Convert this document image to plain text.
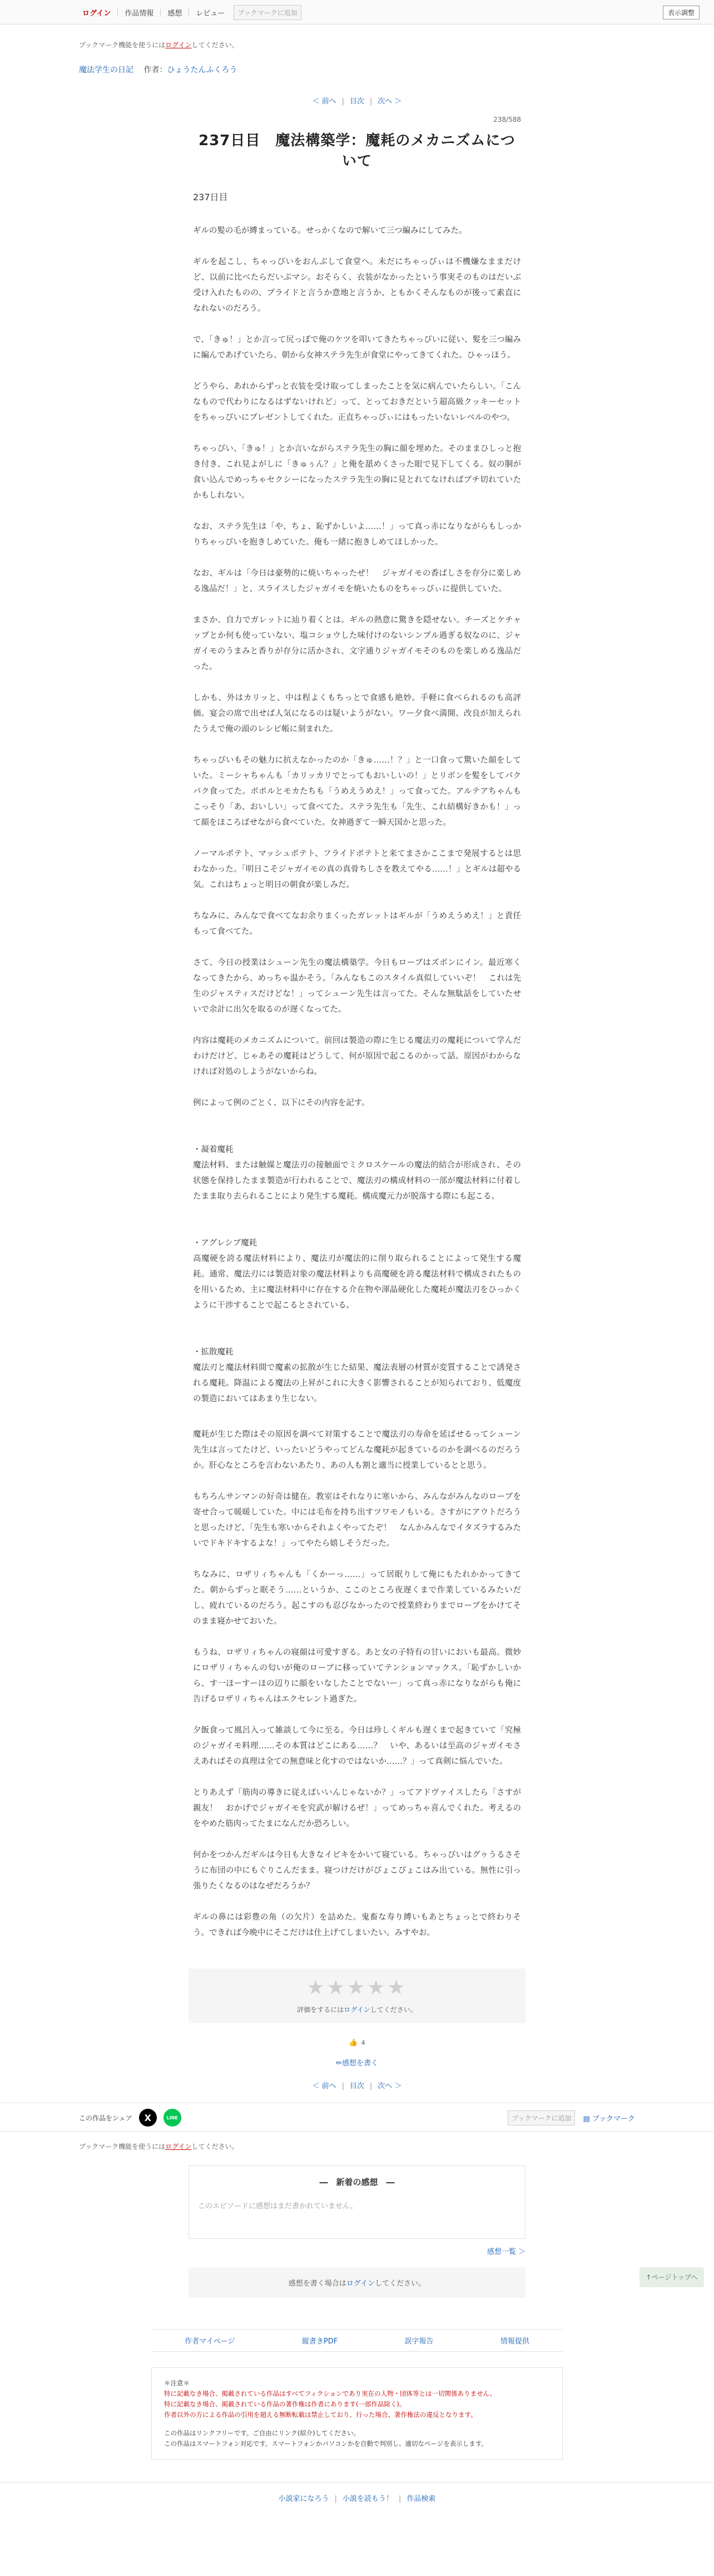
ログイン	作品情報	感想	レビュー	ブックマークに追加	表示調整

ブックマーク機能を使うにはログインしてください。

魔法学生の日記 作者：ひょうたんふくろう

＜ 前へ | 目次 | 次へ ＞
238/588
237日目　魔法構築学：魔耗のメカニズムについて

237日目

ギルの髪の毛が縛まっている。せっかくなので解いて三つ編みにしてみた。

ギルを起こし、ちゃっぴいをおんぶして食堂へ。未だにちゃっぴぃは不機嫌なままだけど、以前に比べたらだいぶマシ。おそらく、衣装がなかったという事実そのものはだいぶ受け入れたものの、プライドと言うか意地と言うか、ともかくそんなものが後って素直になれないのだろう。

で、「きゅ！」とか言って尻っぽで俺のケツを叩いてきたちゃっぴいに従い、髪を三つ編みに編んであげていたら、朝から女神ステラ先生が食堂にやってきてくれた。ひゃっほう。

どうやら、あれからずっと衣装を受け取ってしまったことを気に病んでいたらしい。「こんなもので代わりになるはずないけれど」って、とっておきだという超高級クッキーセットをちゃっぴいにプレゼントしてくれた。正直ちゃっぴぃにはもったいないレベルのやつ。

ちゃっぴい、「きゅ！」とか言いながらステラ先生の胸に顔を埋めた。そのままひしっと抱き付き、これ見よがしに「きゅぅん？」と俺を舐めくさった眼で見下してくる。奴の胴が食い込んでめっちゃセクシーになったステラ先生の胸に見とれてなければブチ切れていたかもしれない。

なお、ステラ先生は「や、ちょ、恥ずかしいよ……！」って真っ赤になりながらもしっかりちゃっぴいを抱きしめていた。俺も一緒に抱きしめてほしかった。

なお、ギルは「今日は豪勢的に焼いちゃったぜ！　ジャガイモの香ばしさを存分に楽しめる逸品だ！」と、スライスしたジャガイモを焼いたものをちゃっぴぃに提供していた。

まさか、自力でガレットに辿り着くとは。ギルの熱意に驚きを隠せない。チーズとケチャップとか何も使っていない、塩コショウした味付けのないシンプル過ぎる奴なのに、ジャガイモのうまみと香りが存分に活かされ、文字通りジャガイモそのものを楽しめる逸品だった。

しかも、外はカリッと、中は程よくもちっとで食感も絶妙。手軽に食べられるのも高評価。宴会の席で出せば人気になるのは疑いようがない。ワー夕食べ満開、改良が加えられたうえで俺の頭のレシピ帳に刻まれた。

ちゃっぴいもその魅力に抗えなかったのか「きゅ……！？」と一口食って驚いた顔をしていた。ミーシャちゃんも「カリッカリでとってもおいしいの！」とリボンを髪をしてパクパク食ってた。ポポルとモカたちも「うめえうめえ！」って食ってた。アルテアちゃんもこっそり「あ、おいしい」って食べてた。ステラ先生も「先生、これ結構好きかも！」って顔をほころばせながら食べていた。女神過ぎて一瞬天国かと思った。

ノーマルポテト、マッシュポテト、フライドポテトと来てまさかここまで発展するとは思わなかった。「明日こそジャガイモの真の真骨ちしさを教えてやる……！」とギルは超やる気。これはちょっと明日の朝食が楽しみだ。

ちなみに、みんなで食べてなお余りまくったガレットはギルが「うめえうめえ！」と責任もって食べてた。

さて、今日の授業はシューン先生の魔法構築学。今日もローブはズボンにイン。最近寒くなってきたから、めっちゃ温かそう。「みんなもこのスタイル真似していいぞ！　これは先生のジャスティスだけどな！」ってシューン先生は言ってた。そんな無駄話をしていたせいで余計に出欠を取るのが遅くなってた。

内容は魔耗のメカニズムについて。前回は製造の際に生じる魔法刃の魔耗について学んだわけだけど、じゃあその魔耗はどうして、何が原因で起こるのかって話。原因がわからなければ対処のしようがないからね。

例によって例のごとく、以下にその内容を記す。

・凝着魔耗

魔法材料、または触媒と魔法刃の接触面でミクロスケールの魔法的結合が形成され、その状態を保持したまま製造が行われることで、魔法刃の構成材料の一部が魔法材料に付着したまま取り去られることにより発生する魔耗。構成魔元力が脱落する際にも起こる。

・アグレシブ魔耗

高魔硬を誇る魔法材料により、魔法刃が魔法的に削り取られることによって発生する魔耗。通常、魔法刃には製造対象の魔法材料よりも高魔硬を誇る魔法材料で構成されたものを用いるため、主に魔法材料中に存在する介在物や渾晶硬化した魔耗が魔法刃をひっかくように干渉することで起こるとされている。

・拡散魔耗

魔法刃と魔法材料間で魔素の拡散が生じた結果、魔法表層の材質が変質することで誘発される魔耗。降温による魔法の上昇がこれに大きく影響されることが知られており、低魔度の製造においてはあまり生じない。

魔耗が生じた際はその原因を調べて対策することで魔法刃の寿命を延ばせるってシューン先生は言ってたけど、いったいどうやってどんな魔耗が起きているのかを調べるのだろうか。肝心なところを言わないあたり、あの人も割と適当に授業しているとと思う。

もちろんサンマンの好奇は健在。教室はそれなりに寒いから、みんながみんなのローブを寄せ合って暖暖していた。中には毛布を持ち出すツワモノもいる。さすがにアウトだろうと思ったけど、「先生も寒いからそれよくやってたぞ！　なんかみんなでイタズラするみたいでドキドキするよな！」ってやたら嬉しそうだった。

ちなみに、ロザリィちゃんも「くかーっ……」って居眠りして俺にもたれかかってきてた。朝からずっと眠そう……というか、ここのところ夜遅くまで作業しているみたいだし、疲れているのだろう。起こすのも忍びなかったので授業終わりまでローブをかけてそのまま寝かせておいた。

もうね、ロザリィちゃんの寝顔は可愛すぎる。あと女の子特有の甘いにおいも最高。微妙にロザリィちゃんの匂いが俺のローブに移っていてテンションマックス。「恥ずかしいから、す一ほーすーほの辺りに顔をいなしたことでないー」って真っ赤になりながらも俺に告げるロザリィちゃんはエクセレント過ぎた。

夕飯食って風呂入って雑談して今に至る。今日は珍しくギルも遅くまで起きていて「究極のジャガイモ料理……その本質はどこにある……？　いや、あるいは至高のジャガイモさえあればその真理は全ての無意味と化すのではないか……？」って真剣に悩んでいた。

とりあえず「筋肉の導きに従えばいいんじゃないか？」ってアドヴァイスしたら「さすが親友！　おかげでジャガイモを究武が解けるぜ！」ってめっちゃ喜んでくれた。考えるのをやめた筋肉ってたまになんだか恐ろしい。

何かをつかんだギルは今日も大きなイビキをかいて寝ている。ちゃっぴいはグゥうるさそうに布団の中にもぐりこんだまま。寝つけだけがぴょこぴょこはみ出ている。無性に引っ張りたくなるのはなぜだろうか？

ギルの鼻には彩豊の角（の欠片）を詰めた。鬼畜な寿り縛いもあとちょっとで終わりそう。できれば今晩中にそこだけは仕上げてしまいたい。みすやお。

↑ページトップへ
★★★★★

評価をするにはログインしてください。

👍 4
✏感想を書く
＜ 前へ | 目次 | 次へ ＞
この作品をシェア	X	LINE	ブックマークに追加	▤ ブックマーク

ブックマーク機能を使うにはログインしてください。

―　新着の感想　―

このエピソードに感想はまだ書かれていません。

感想一覧 ＞
感想を書く場合はログインしてください。
作者マイページ	縦書きPDF	誤字報告	情報提供

＊注意＊

特に記載なき場合、掲載されている作品はすべてフィクションであり実在の人物・団体等とは一切関係ありません。

特に記載なき場合、掲載されている作品の著作権は作者にあります(一部作品除く)。

作者以外の方による作品の引用を超える無断転載は禁止しており、行った場合、著作権法の違反となります。

この作品はリンクフリーです。ご自由にリンク(紹介)してください。

この作品はスマートフォン対応です。スマートフォンかパソコンかを自動で判別し、適切なページを表示します。

小説家になろう | 小説を読もう！ | 作品検索
